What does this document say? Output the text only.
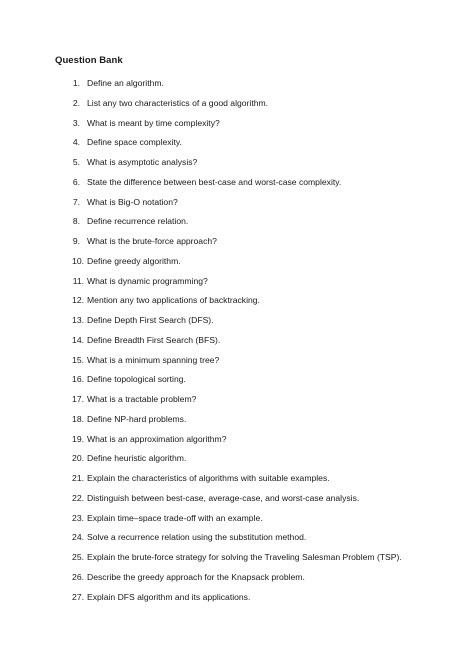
Question Bank
1. Define an algorithm.
2. List any two characteristics of a good algorithm.
3. What is meant by time complexity?
4. Define space complexity.
5. What is asymptotic analysis?
6. State the difference between best-case and worst-case complexity.
7. What is Big-O notation?
8. Define recurrence relation.
9. What is the brute-force approach?
10. Define greedy algorithm.
11. What is dynamic programming?
12. Mention any two applications of backtracking.
13. Define Depth First Search (DFS).
14. Define Breadth First Search (BFS).
15. What is a minimum spanning tree?
16. Define topological sorting.
17. What is a tractable problem?
18. Define NP-hard problems.
19. What is an approximation algorithm?
20. Define heuristic algorithm.
21. Explain the characteristics of algorithms with suitable examples.
22. Distinguish between best-case, average-case, and worst-case analysis.
23. Explain time–space trade-off with an example.
24. Solve a recurrence relation using the substitution method.
25. Explain the brute-force strategy for solving the Traveling Salesman Problem (TSP).
26. Describe the greedy approach for the Knapsack problem.
27. Explain DFS algorithm and its applications.
